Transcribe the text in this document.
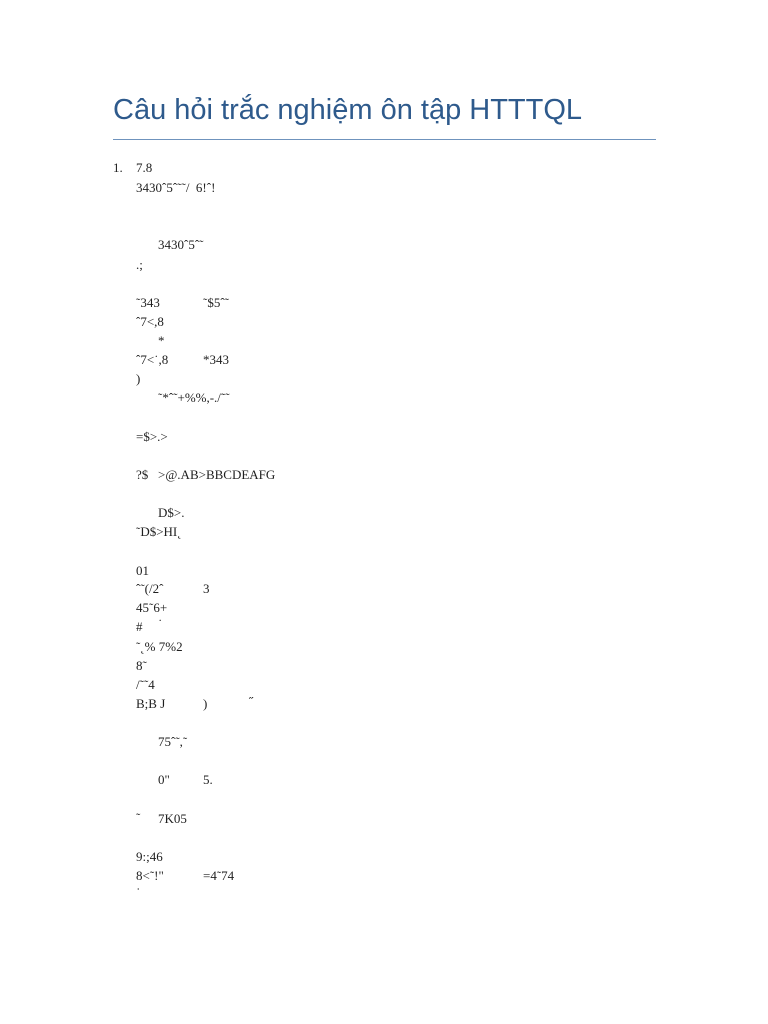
Câu hỏi trắc nghiệm ôn tập HTTTQL
1. 7.8
3430ˆ5ˆ˜˜/  6!ˆ!
3430ˆ5ˆ˜
.;
˜343	˜$5ˆ˜
ˆ7<,8
*
ˆ7<˙,8	*343
)
˜*ˆ˜+%%,-./˜˜
=$>.>
?$ >@.AB>BBCDEAFG
D$>.
˜D$>HI˛
01
ˆ˜(/2ˆ	3
45˜6+
# ˙
˜˛% 7%2
8˜
/˜˜4
B;B J	)	˝
75ˆ˜,˜
0"	5.
˜ 7K05
9:;46
8<˜!"	=4˜74
ˈ
